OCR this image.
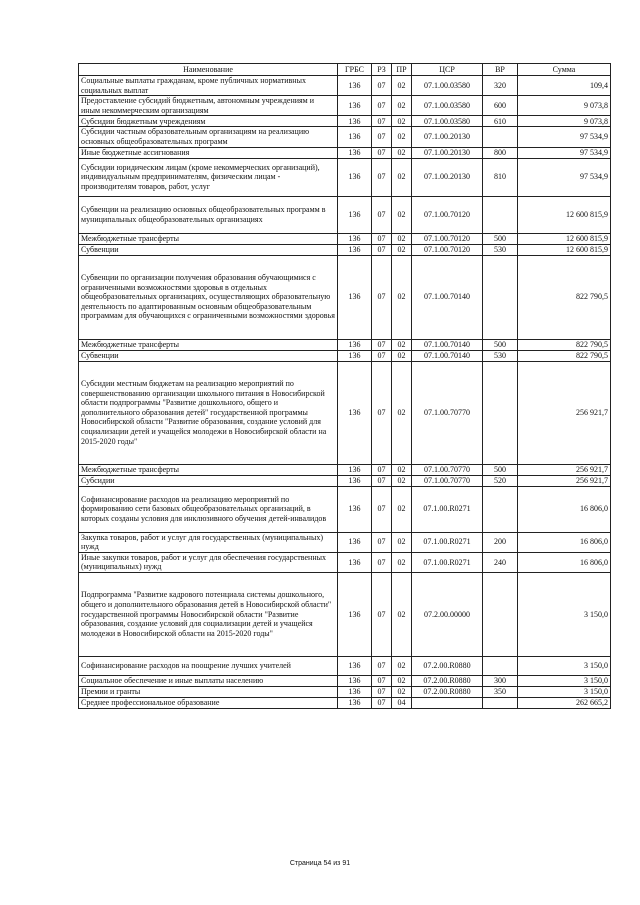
Наименование	ГРБС	РЗ	ПР	ЦСР	ВР	Сумма
Социальные выплаты гражданам, кроме публичных нормативных социальных выплат	136	07	02	07.1.00.03580	320	109,4
Предоставление субсидий бюджетным, автономным учреждениям и иным некоммерческим организациям	136	07	02	07.1.00.03580	600	9 073,8
Субсидии бюджетным учреждениям	136	07	02	07.1.00.03580	610	9 073,8
Субсидии частным образовательным организациям на реализацию основных общеобразовательных программ	136	07	02	07.1.00.20130		97 534,9
Иные бюджетные ассигнования	136	07	02	07.1.00.20130	800	97 534,9
Субсидии юридическим лицам (кроме некоммерческих организаций), индивидуальным предпринимателям, физическим лицам - производителям товаров, работ, услуг	136	07	02	07.1.00.20130	810	97 534,9
Субвенции на реализацию основных общеобразовательных программ в муниципальных общеобразовательных организациях	136	07	02	07.1.00.70120		12 600 815,9
Межбюджетные трансферты	136	07	02	07.1.00.70120	500	12 600 815,9
Субвенции	136	07	02	07.1.00.70120	530	12 600 815,9
Субвенции по организации получения образования обучающимися с ограниченными возможностями здоровья в отдельных общеобразовательных организациях, осуществляющих образовательную деятельность по адаптированным основным общеобразовательным программам для обучающихся с ограниченными возможностями здоровья	136	07	02	07.1.00.70140		822 790,5
Межбюджетные трансферты	136	07	02	07.1.00.70140	500	822 790,5
Субвенции	136	07	02	07.1.00.70140	530	822 790,5
Субсидии местным бюджетам на реализацию мероприятий по совершенствованию организации школьного питания в Новосибирской области подпрограммы "Развитие дошкольного, общего и дополнительного образования детей" государственной программы Новосибирской области "Развитие образования, создание условий для социализации детей и учащейся молодежи в Новосибирской области на 2015-2020 годы"	136	07	02	07.1.00.70770		256 921,7
Межбюджетные трансферты	136	07	02	07.1.00.70770	500	256 921,7
Субсидии	136	07	02	07.1.00.70770	520	256 921,7
Софинансирование расходов на реализацию мероприятий по формированию сети базовых общеобразовательных организаций, в которых созданы условия для инклюзивного обучения детей-инвалидов	136	07	02	07.1.00.R0271		16 806,0
Закупка товаров, работ и услуг для государственных (муниципальных) нужд	136	07	02	07.1.00.R0271	200	16 806,0
Иные закупки товаров, работ и услуг для обеспечения государственных (муниципальных) нужд	136	07	02	07.1.00.R0271	240	16 806,0
Подпрограмма "Развитие кадрового потенциала системы дошкольного, общего и дополнительного образования детей в Новосибирской области" государственной программы Новосибирской области "Развитие образования, создание условий для социализации детей и учащейся молодежи в Новосибирской области на 2015-2020 годы"	136	07	02	07.2.00.00000		3 150,0
Софинансирование расходов на поощрение лучших учителей	136	07	02	07.2.00.R0880		3 150,0
Социальное обеспечение и иные выплаты населению	136	07	02	07.2.00.R0880	300	3 150,0
Премии и гранты	136	07	02	07.2.00.R0880	350	3 150,0
Среднее профессиональное образование	136	07	04			262 665,2
Страница 54 из 91
